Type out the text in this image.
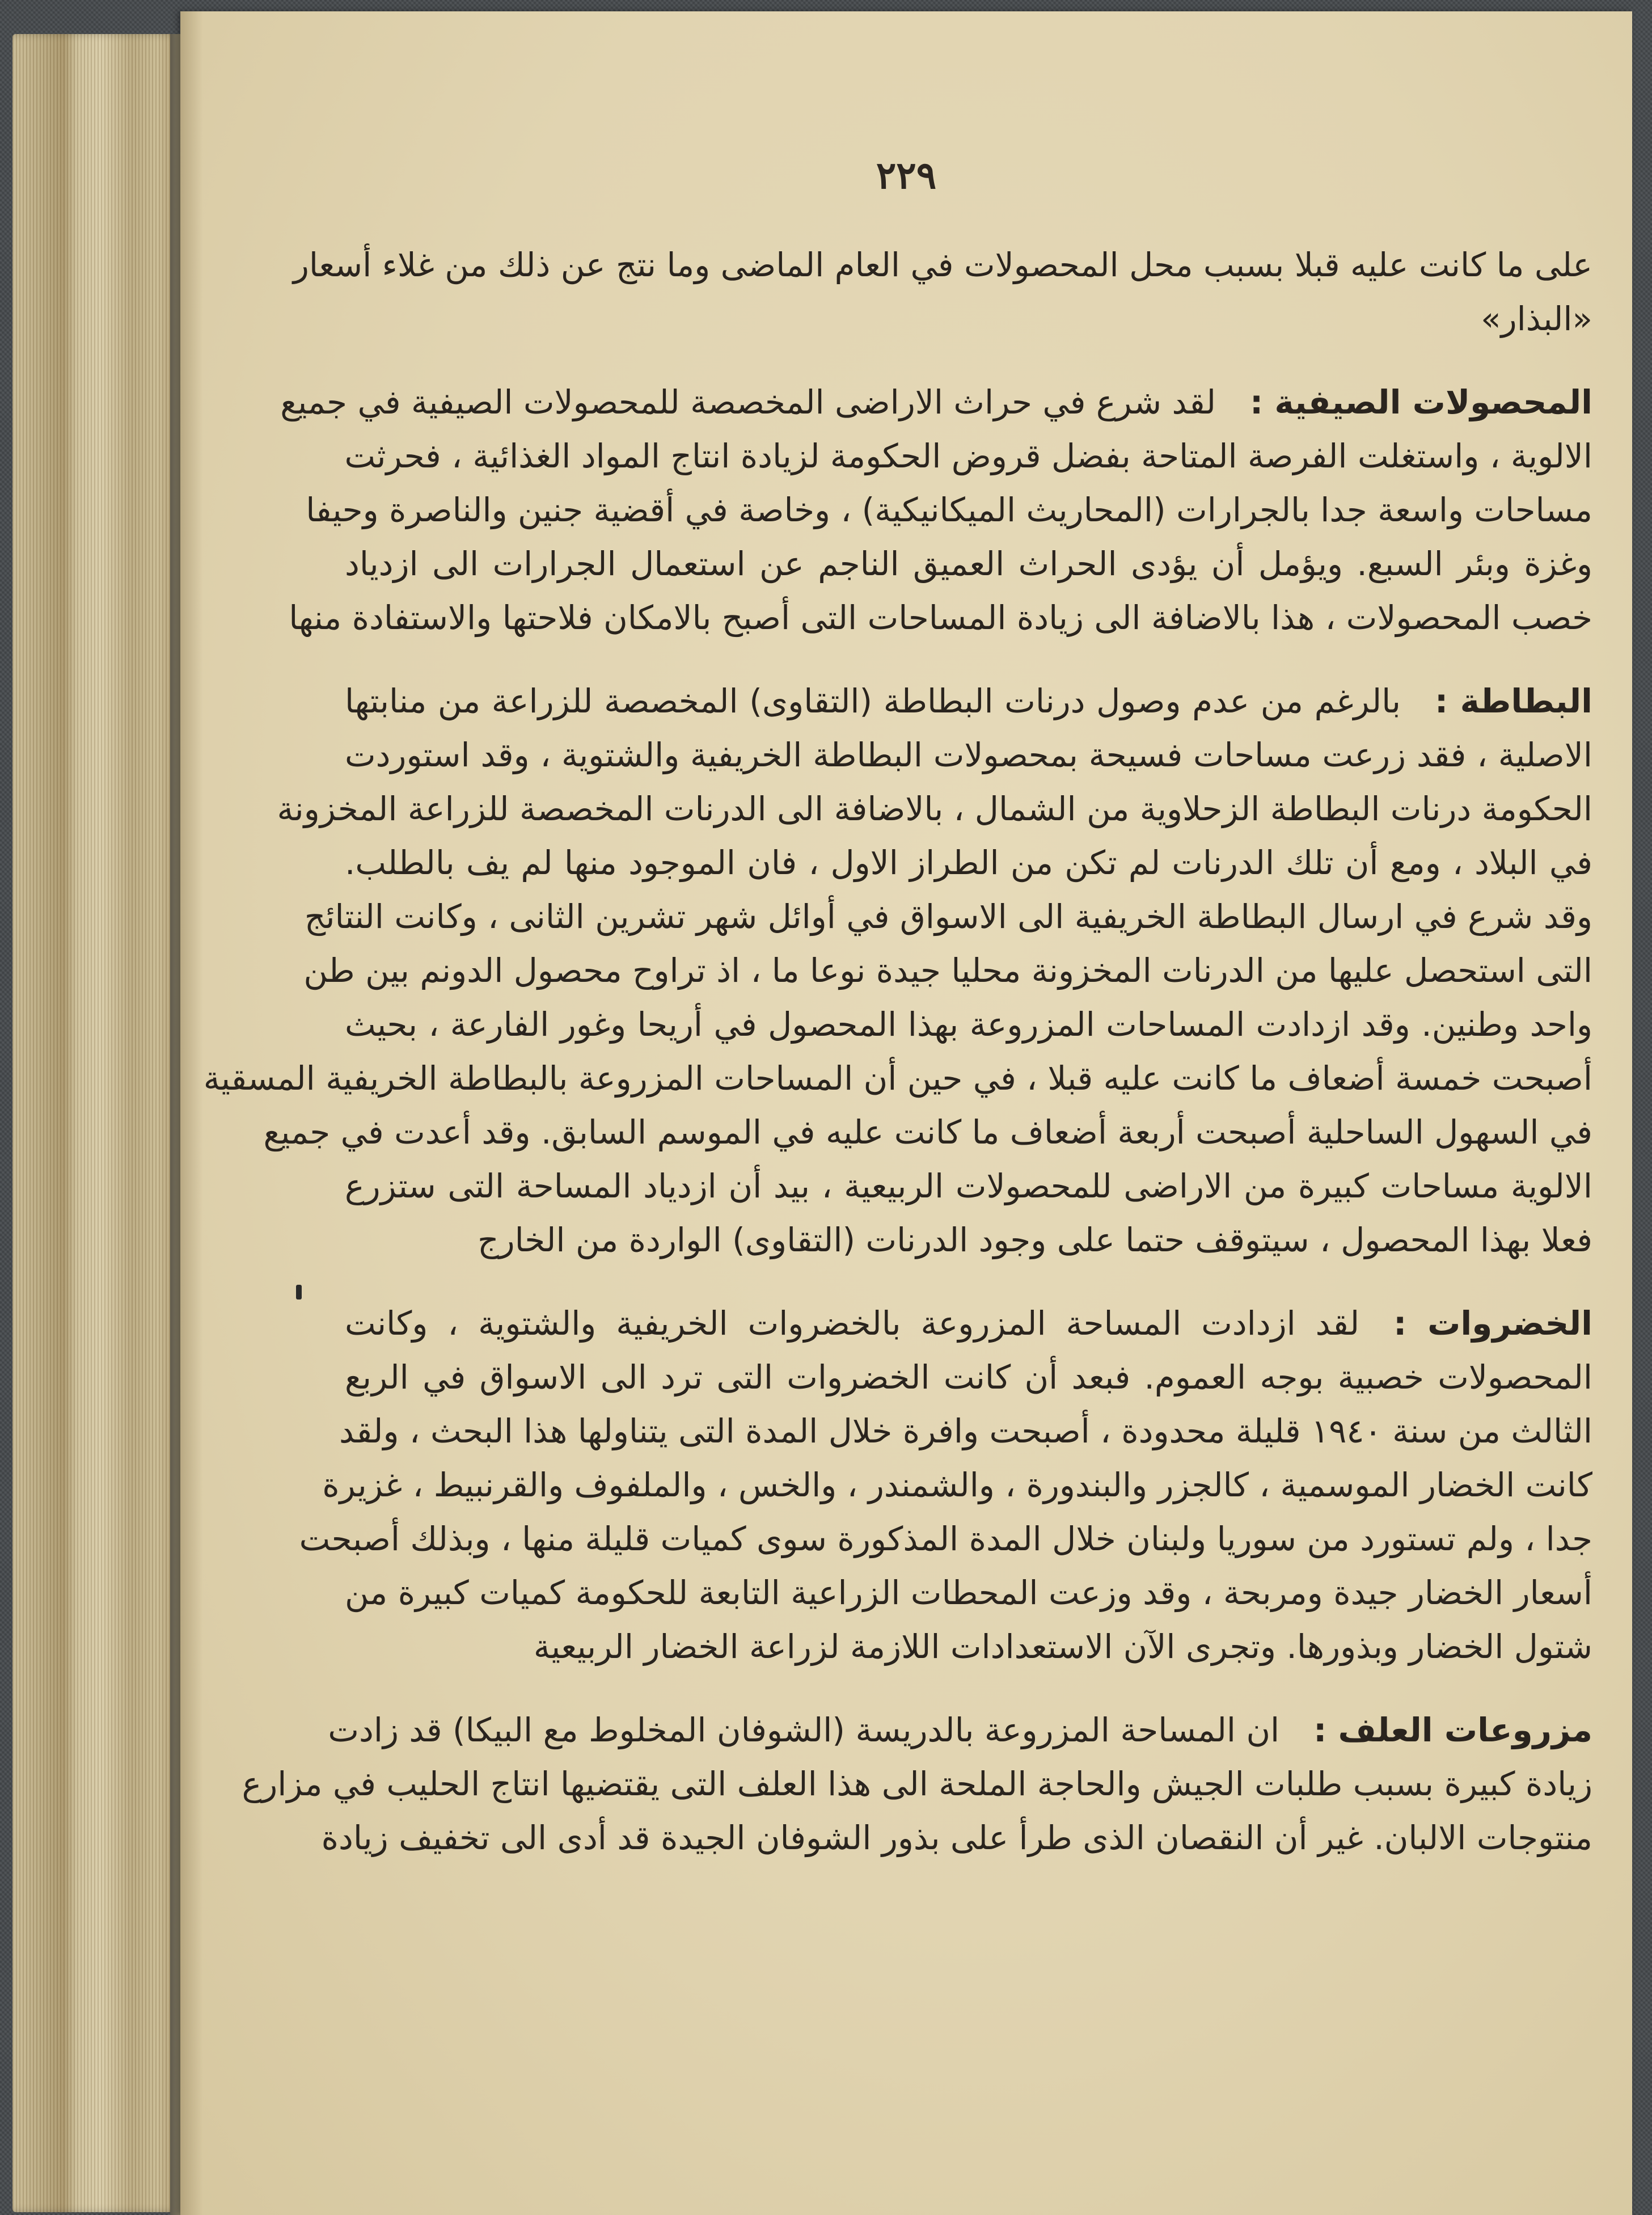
٢٢٩
على ما كانت عليه قبلا بسبب محل المحصولات في العام الماضى وما نتج عن ذلك من غلاء أسعار
«البذار»
المحصولات الصيفية :لقد شرع في حراث الاراضى المخصصة للمحصولات الصيفية في جميع
الالوية ، واستغلت الفرصة المتاحة بفضل قروض الحكومة لزيادة انتاج المواد الغذائية ، فحرثت
مساحات واسعة جدا بالجرارات (المحاريث الميكانيكية) ، وخاصة في أقضية جنين والناصرة وحيفا
وغزة وبئر السبع. ويؤمل أن يؤدى الحراث العميق الناجم عن استعمال الجرارات الى ازدياد
خصب المحصولات ، هذا بالاضافة الى زيادة المساحات التى أصبح بالامكان فلاحتها والاستفادة منها
البطاطة :بالرغم من عدم وصول درنات البطاطة (التقاوى) المخصصة للزراعة من منابتها
الاصلية ، فقد زرعت مساحات فسيحة بمحصولات البطاطة الخريفية والشتوية ، وقد استوردت
الحكومة درنات البطاطة الزحلاوية من الشمال ، بالاضافة الى الدرنات المخصصة للزراعة المخزونة
في البلاد ، ومع أن تلك الدرنات لم تكن من الطراز الاول ، فان الموجود منها لم يف بالطلب.
وقد شرع في ارسال البطاطة الخريفية الى الاسواق في أوائل شهر تشرين الثانى ، وكانت النتائج
التى استحصل عليها من الدرنات المخزونة محليا جيدة نوعا ما ، اذ تراوح محصول الدونم بين طن
واحد وطنين. وقد ازدادت المساحات المزروعة بهذا المحصول في أريحا وغور الفارعة ، بحيث
أصبحت خمسة أضعاف ما كانت عليه قبلا ، في حين أن المساحات المزروعة بالبطاطة الخريفية المسقية
في السهول الساحلية أصبحت أربعة أضعاف ما كانت عليه في الموسم السابق. وقد أعدت في جميع
الالوية مساحات كبيرة من الاراضى للمحصولات الربيعية ، بيد أن ازدياد المساحة التى ستزرع
فعلا بهذا المحصول ، سيتوقف حتما على وجود الدرنات (التقاوى) الواردة من الخارج
الخضروات :لقد ازدادت المساحة المزروعة بالخضروات الخريفية والشتوية ، وكانت
المحصولات خصبية بوجه العموم. فبعد أن كانت الخضروات التى ترد الى الاسواق في الربع
الثالث من سنة ١٩٤٠ قليلة محدودة ، أصبحت وافرة خلال المدة التى يتناولها هذا البحث ، ولقد
كانت الخضار الموسمية ، كالجزر والبندورة ، والشمندر ، والخس ، والملفوف والقرنبيط ، غزيرة
جدا ، ولم تستورد من سوريا ولبنان خلال المدة المذكورة سوى كميات قليلة منها ، وبذلك أصبحت
أسعار الخضار جيدة ومربحة ، وقد وزعت المحطات الزراعية التابعة للحكومة كميات كبيرة من
شتول الخضار وبذورها. وتجرى الآن الاستعدادات اللازمة لزراعة الخضار الربيعية
مزروعات العلف :ان المساحة المزروعة بالدريسة (الشوفان المخلوط مع البيكا) قد زادت
زيادة كبيرة بسبب طلبات الجيش والحاجة الملحة الى هذا العلف التى يقتضيها انتاج الحليب في مزارع
منتوجات الالبان. غير أن النقصان الذى طرأ على بذور الشوفان الجيدة قد أدى الى تخفيف زيادة
